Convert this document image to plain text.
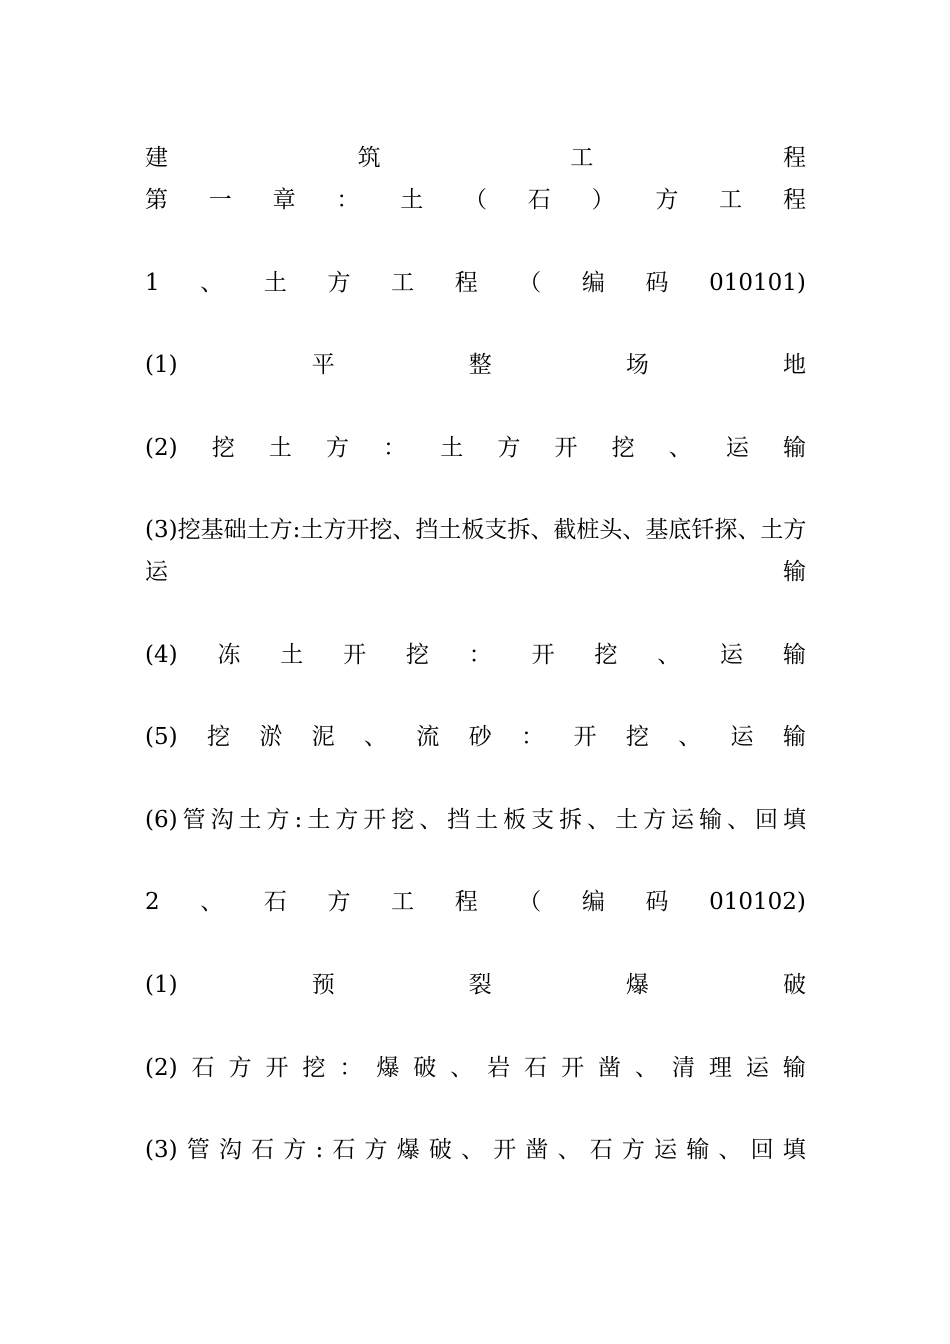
建	筑	工	程
第 一 章 ： 土 （ 石 ） 方 工 程
1 、 土 方 工 程 （ 编 码 010101)
(1)	平	整	场	地
(2) 挖 土 方 ： 土 方 开 挖 、 运 输
(3)挖基础土方:土方开挖、挡土板支拆、截桩头、基底钎探、土方
运	输
(4) 冻 土 开 挖 ： 开 挖 、 运 输
(5) 挖 淤 泥 、 流 砂 ： 开 挖 、 运 输
(6) 管 沟 土 方 : 土 方 开 挖 、 挡 土 板 支 拆 、 土 方 运 输 、 回 填
2 、 石 方 工 程 （ 编 码 010102)
(1)	预	裂	爆	破
(2) 石 方 开 挖 ： 爆 破 、 岩 石 开 凿 、 清 理 运 输
(3) 管 沟 石 方 : 石 方 爆 破 、 开 凿 、 石 方 运 输 、 回 填
